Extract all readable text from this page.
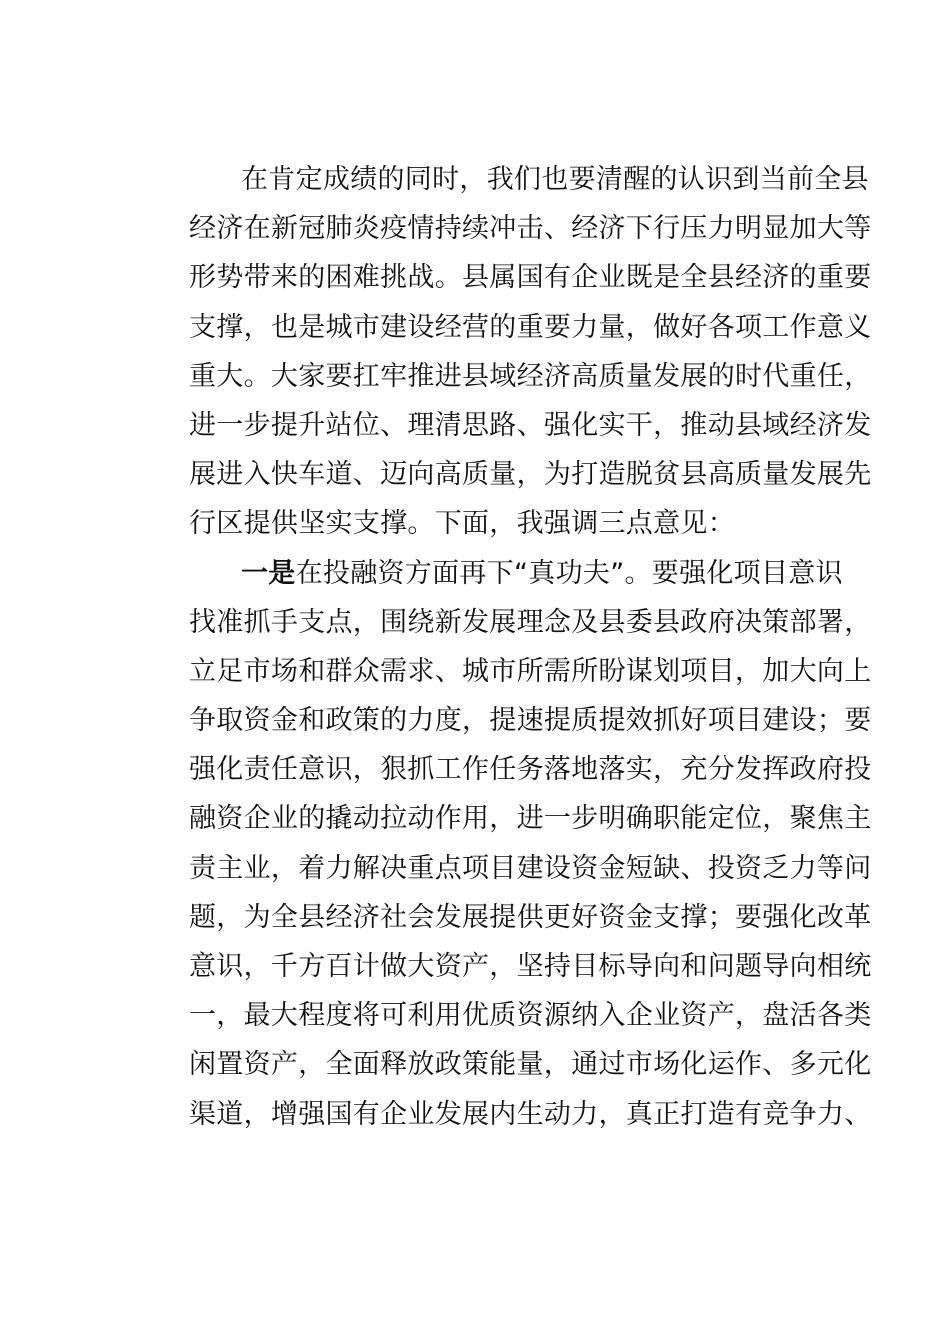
在肯定成绩的同时，我们也要清醒的认识到当前全县
经济在新冠肺炎疫情持续冲击、经济下行压力明显加大等
形势带来的困难挑战。县属国有企业既是全县经济的重要
支撑，也是城市建设经营的重要力量，做好各项工作意义
重大。大家要扛牢推进县域经济高质量发展的时代重任，
进一步提升站位、理清思路、强化实干，推动县域经济发
展进入快车道、迈向高质量，为打造脱贫县高质量发展先
行区提供坚实支撑。下面，我强调三点意见：
一是在投融资方面再下“真功夫”。要强化项目意识
找准抓手支点，围绕新发展理念及县委县政府决策部署，
立足市场和群众需求、城市所需所盼谋划项目，加大向上
争取资金和政策的力度，提速提质提效抓好项目建设；要
强化责任意识，狠抓工作任务落地落实，充分发挥政府投
融资企业的撬动拉动作用，进一步明确职能定位，聚焦主
责主业，着力解决重点项目建设资金短缺、投资乏力等问
题，为全县经济社会发展提供更好资金支撑；要强化改革
意识，千方百计做大资产，坚持目标导向和问题导向相统
一，最大程度将可利用优质资源纳入企业资产，盘活各类
闲置资产，全面释放政策能量，通过市场化运作、多元化
渠道，增强国有企业发展内生动力，真正打造有竞争力、
